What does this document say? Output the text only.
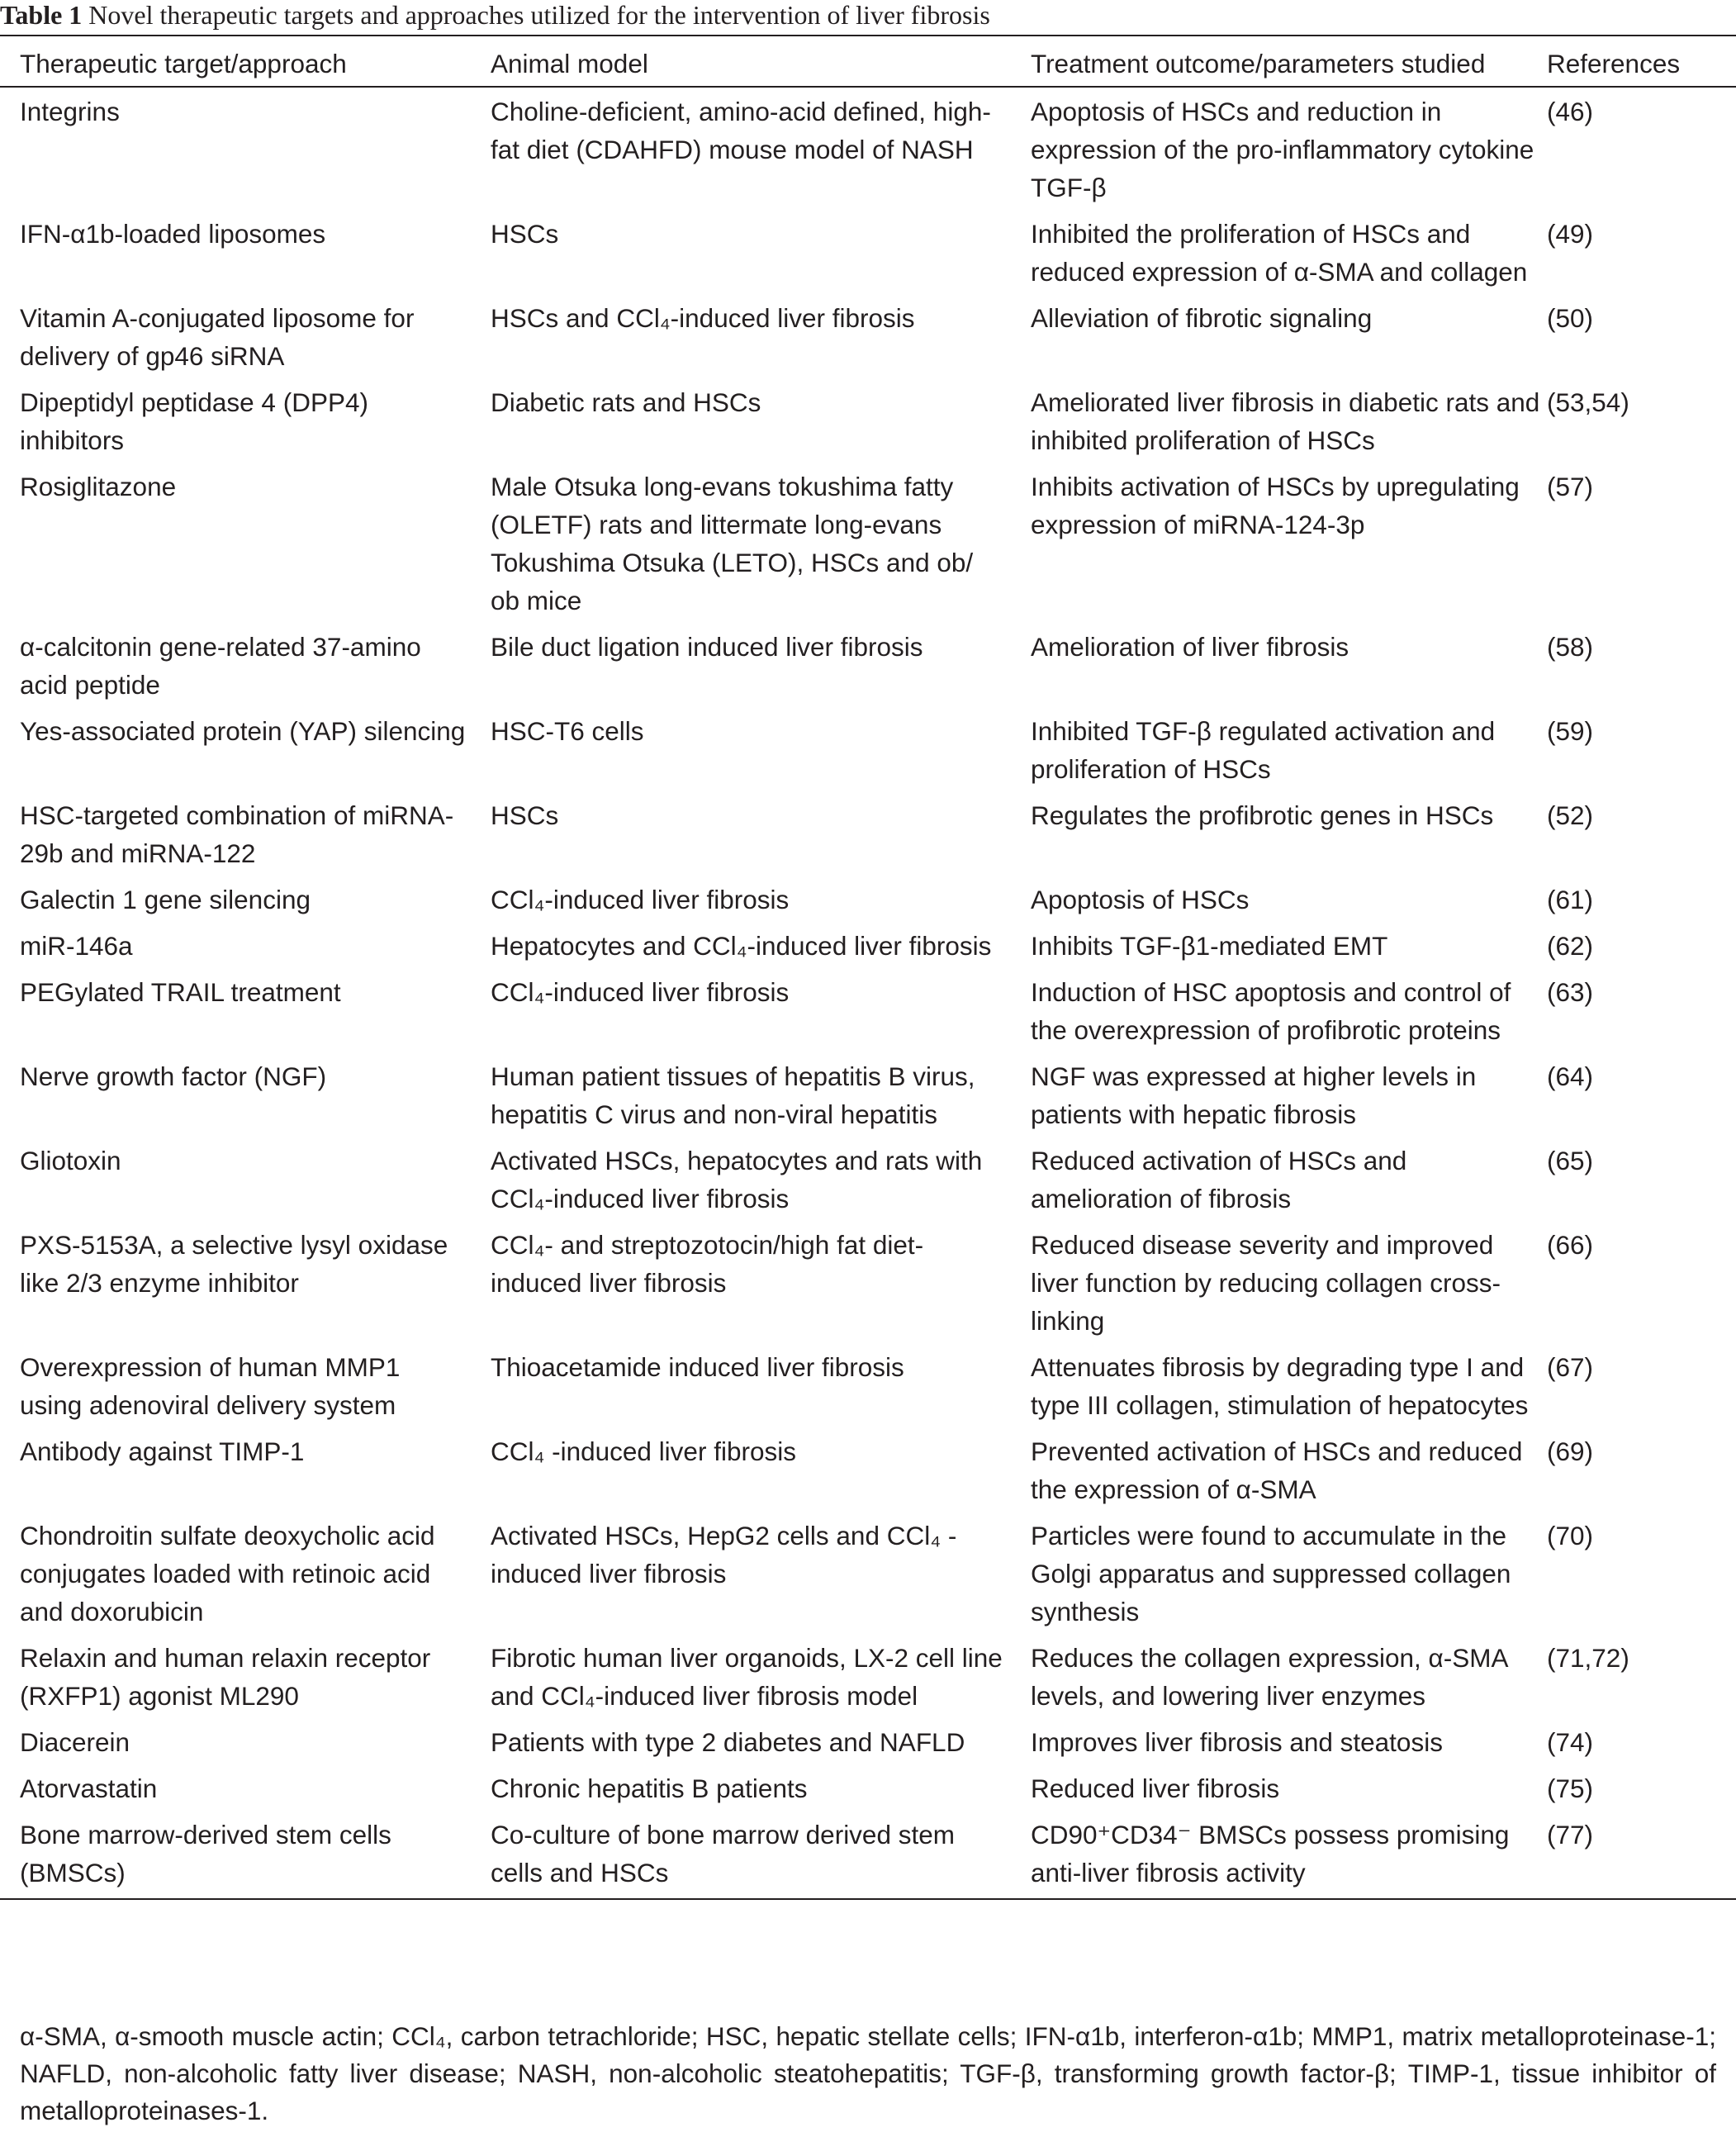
Table 1 Novel therapeutic targets and approaches utilized for the intervention of liver fibrosis
Therapeutic target/approach	Animal model	Treatment outcome/parameters studied	References
Integrins	Choline-deficient, amino-acid defined, high-fat diet (CDAHFD) mouse model of NASH	Apoptosis of HSCs and reduction in expression of the pro-inflammatory cytokine TGF-β	(46)
IFN-α1b-loaded liposomes	HSCs	Inhibited the proliferation of HSCs and reduced expression of α-SMA and collagen	(49)
Vitamin A-conjugated liposome for delivery of gp46 siRNA	HSCs and CCl₄-induced liver fibrosis	Alleviation of fibrotic signaling	(50)
Dipeptidyl peptidase 4 (DPP4) inhibitors	Diabetic rats and HSCs	Ameliorated liver fibrosis in diabetic rats and inhibited proliferation of HSCs	(53,54)
Rosiglitazone	Male Otsuka long-evans tokushima fatty (OLETF) rats and littermate long-evans Tokushima Otsuka (LETO), HSCs and ob/ ob mice	Inhibits activation of HSCs by upregulating expression of miRNA-124-3p	(57)
α-calcitonin gene-related 37-amino acid peptide	Bile duct ligation induced liver fibrosis	Amelioration of liver fibrosis	(58)
Yes-associated protein (YAP) silencing	HSC-T6 cells	Inhibited TGF-β regulated activation and proliferation of HSCs	(59)
HSC-targeted combination of miRNA-29b and miRNA-122	HSCs	Regulates the profibrotic genes in HSCs	(52)
Galectin 1 gene silencing	CCl₄-induced liver fibrosis	Apoptosis of HSCs	(61)
miR-146a	Hepatocytes and CCl₄-induced liver fibrosis	Inhibits TGF-β1-mediated EMT	(62)
PEGylated TRAIL treatment	CCl₄-induced liver fibrosis	Induction of HSC apoptosis and control of the overexpression of profibrotic proteins	(63)
Nerve growth factor (NGF)	Human patient tissues of hepatitis B virus, hepatitis C virus and non-viral hepatitis	NGF was expressed at higher levels in patients with hepatic fibrosis	(64)
Gliotoxin	Activated HSCs, hepatocytes and rats with CCl₄-induced liver fibrosis	Reduced activation of HSCs and amelioration of fibrosis	(65)
PXS-5153A, a selective lysyl oxidase like 2/3 enzyme inhibitor	CCl₄- and streptozotocin/high fat diet-induced liver fibrosis	Reduced disease severity and improved liver function by reducing collagen cross-linking	(66)
Overexpression of human MMP1 using adenoviral delivery system	Thioacetamide induced liver fibrosis	Attenuates fibrosis by degrading type I and type III collagen, stimulation of hepatocytes	(67)
Antibody against TIMP-1	CCl₄ -induced liver fibrosis	Prevented activation of HSCs and reduced the expression of α-SMA	(69)
Chondroitin sulfate deoxycholic acid conjugates loaded with retinoic acid and doxorubicin	Activated HSCs, HepG2 cells and CCl₄ -induced liver fibrosis	Particles were found to accumulate in the Golgi apparatus and suppressed collagen synthesis	(70)
Relaxin and human relaxin receptor (RXFP1) agonist ML290	Fibrotic human liver organoids, LX-2 cell line and CCl₄-induced liver fibrosis model	Reduces the collagen expression, α-SMA levels, and lowering liver enzymes	(71,72)
Diacerein	Patients with type 2 diabetes and NAFLD	Improves liver fibrosis and steatosis	(74)
Atorvastatin	Chronic hepatitis B patients	Reduced liver fibrosis	(75)
Bone marrow-derived stem cells (BMSCs)	Co-culture of bone marrow derived stem cells and HSCs	CD90⁺CD34⁻ BMSCs possess promising anti-liver fibrosis activity	(77)
α-SMA, α-smooth muscle actin; CCl₄, carbon tetrachloride; HSC, hepatic stellate cells; IFN-α1b, interferon-α1b; MMP1, matrix metalloproteinase-1; NAFLD, non-alcoholic fatty liver disease; NASH, non-alcoholic steatohepatitis; TGF-β, transforming growth factor-β; TIMP-1, tissue inhibitor of metalloproteinases-1.
